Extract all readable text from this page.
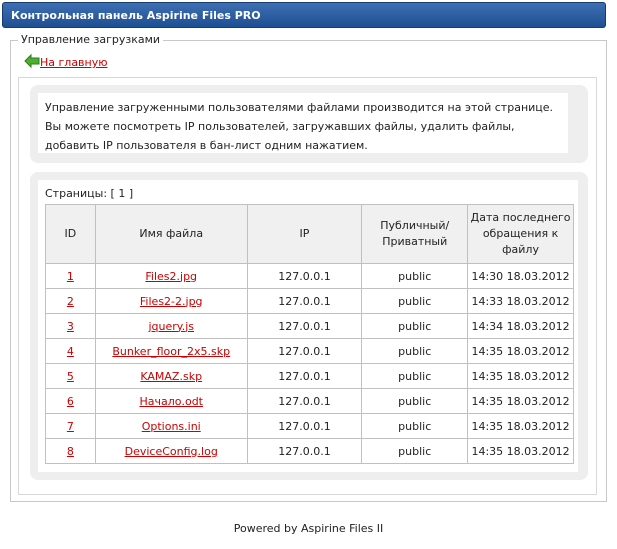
Контрольная панель Aspirine Files PRO
Управление загрузками
На главную
Управление загруженными пользователями файлами производится на этой странице. Вы можете посмотреть IP пользователей, загружавших файлы, удалить файлы, добавить IP пользователя в бан-лист одним нажатием.
Страницы: [ 1 ]
ID	Имя файла	IP	Публичный/ Приватный	Дата последнего обращения к файлу
1	Files2.jpg	127.0.0.1	public	14:30 18.03.2012
2	Files2-2.jpg	127.0.0.1	public	14:33 18.03.2012
3	jquery.js	127.0.0.1	public	14:34 18.03.2012
4	Bunker_floor_2x5.skp	127.0.0.1	public	14:35 18.03.2012
5	KAMAZ.skp	127.0.0.1	public	14:35 18.03.2012
6	Начало.odt	127.0.0.1	public	14:35 18.03.2012
7	Options.ini	127.0.0.1	public	14:35 18.03.2012
8	DeviceConfig.log	127.0.0.1	public	14:35 18.03.2012
Powered by Aspirine Files II
